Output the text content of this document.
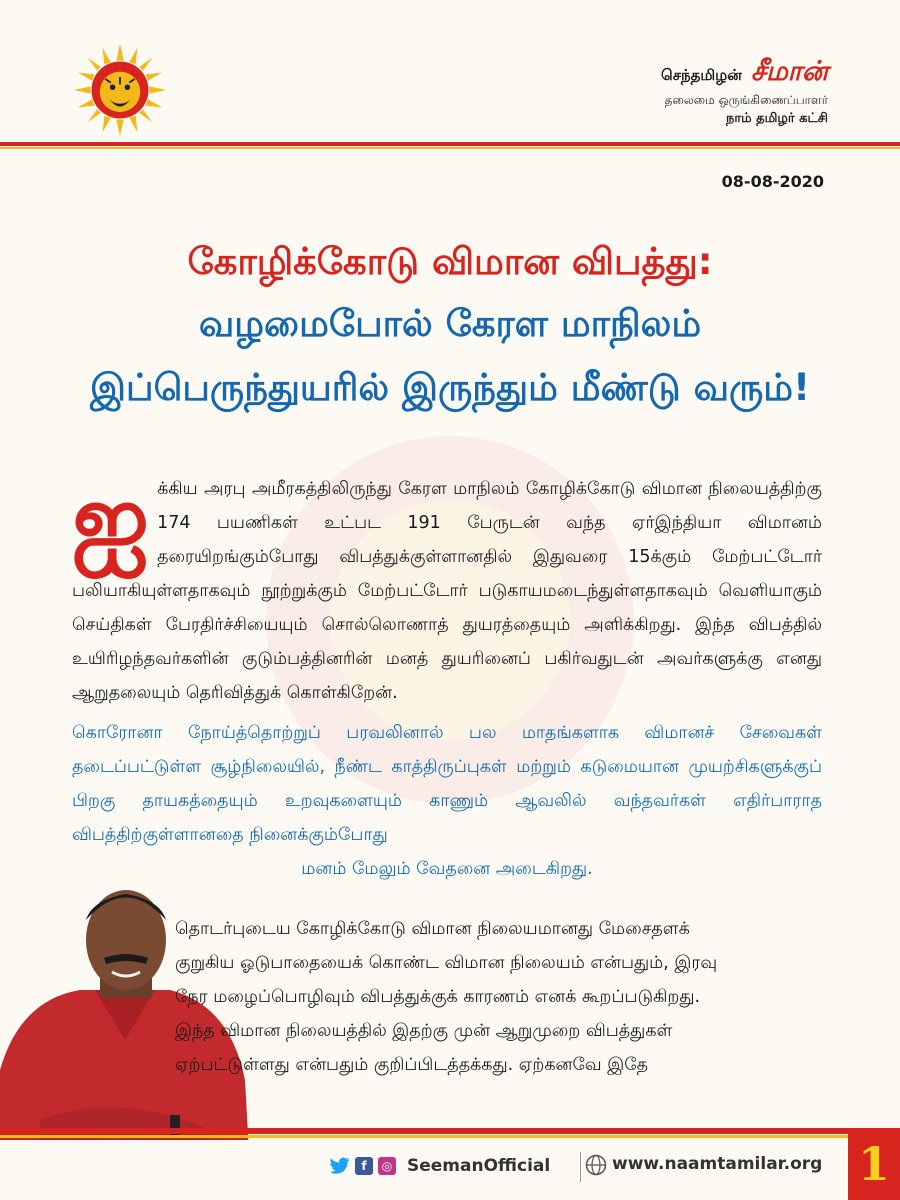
செந்தமிழன் சீமான்
தலைமை ஒருங்கிணைப்பாளர்
நாம் தமிழர் கட்சி
08-08-2020
கோழிக்கோடு விமான விபத்து:
வழமைபோல் கேரள மாநிலம்
இப்பெருந்துயரில் இருந்தும் மீண்டு வரும்!
ஐ க்கிய அரபு அமீரகத்திலிருந்து கேரள மாநிலம் கோழிக்கோடு விமான நிலையத்திற்கு 174 பயணிகள் உட்பட 191 பேருடன் வந்த ஏர்இந்தியா விமானம் தரையிறங்கும்போது விபத்துக்குள்ளானதில் இதுவரை 15க்கும் மேற்பட்டோர் பலியாகியுள்ளதாகவும் நூற்றுக்கும் மேற்பட்டோர் படுகாயமடைந்துள்ளதாகவும் வெளியாகும் செய்திகள் பேரதிர்ச்சியையும் சொல்லொணாத் துயரத்தையும் அளிக்கிறது. இந்த விபத்தில் உயிரிழந்தவர்களின் குடும்பத்தினரின் மனத் துயரினைப் பகிர்வதுடன் அவர்களுக்கு எனது ஆறுதலையும் தெரிவித்துக் கொள்கிறேன்.
கொரோனா நோய்த்தொற்றுப் பரவலினால் பல மாதங்களாக விமானச் சேவைகள் தடைப்பட்டுள்ள சூழ்நிலையில், நீண்ட காத்திருப்புகள் மற்றும் கடுமையான முயற்சிகளுக்குப் பிறகு தாயகத்தையும் உறவுகளையும் காணும் ஆவலில் வந்தவர்கள் எதிர்பாராத விபத்திற்குள்ளானதை நினைக்கும்போது
மனம் மேலும் வேதனை அடைகிறது.
தொடர்புடைய கோழிக்கோடு விமான நிலையமானது மேசைதளக்
குறுகிய ஓடுபாதையைக் கொண்ட விமான நிலையம் என்பதும், இரவு
நேர மழைப்பொழிவும் விபத்துக்குக் காரணம் எனக் கூறப்படுகிறது.
இந்த விமான நிலையத்தில் இதற்கு முன் ஆறுமுறை விபத்துகள்
ஏற்பட்டுள்ளது என்பதும் குறிப்பிடத்தக்கது. ஏற்கனவே இதே
f	◎ SeemanOfficial	www.naamtamilar.org 1
